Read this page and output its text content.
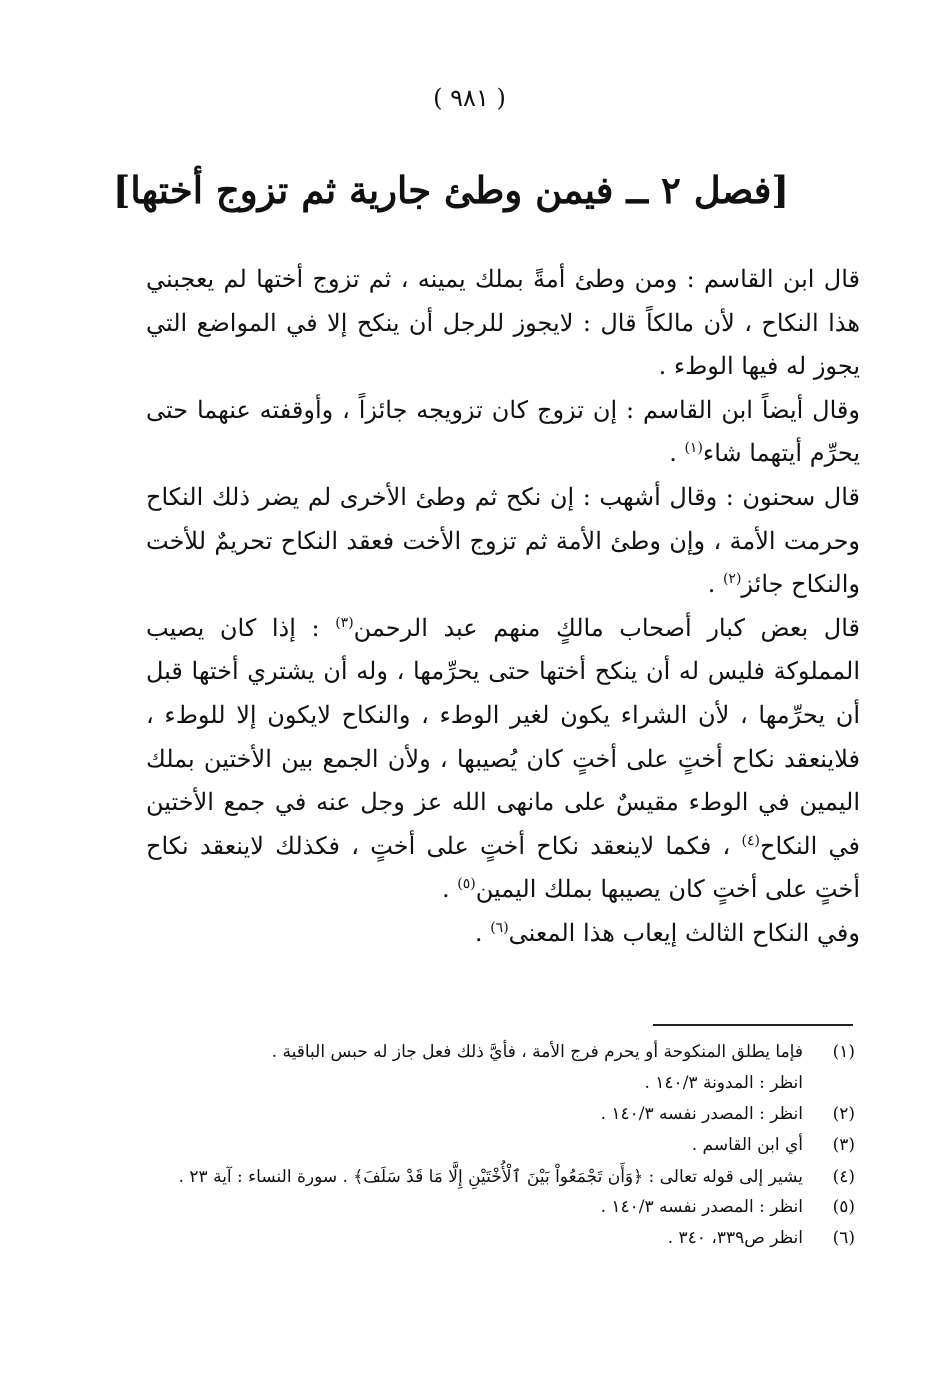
( ٩٨١ )
[فصل ٢ ــ فيمن وطئ جارية ثم تزوج أختها]

قال ابن القاسم : ومن وطئ أمةً بملك يمينه ، ثم تزوج أختها لم يعجبني هذا النكاح ، لأن مالكاً قال : لايجوز للرجل أن ينكح إلا في المواضع التي يجوز له فيها الوطء .

وقال أيضاً ابن القاسم : إن تزوج كان تزويجه جائزاً ، وأوقفته عنهما حتى يحرِّم أيتهما شاء$^{(١)}$ .

قال سحنون : وقال أشهب : إن نكح ثم وطئ الأخرى لم يضر ذلك النكاح وحرمت الأمة ، وإن وطئ الأمة ثم تزوج الأخت فعقد النكاح تحريمٌ للأخت والنكاح جائز$^{(٢)}$ .

قال بعض كبار أصحاب مالكٍ منهم عبد الرحمن$^{(٣)}$ : إذا كان يصيب المملوكة فليس له أن ينكح أختها حتى يحرِّمها ، وله أن يشتري أختها قبل أن يحرِّمها ، لأن الشراء يكون لغير الوطء ، والنكاح لايكون إلا للوطء ، فلاينعقد نكاح أختٍ على أختٍ كان يُصيبها ، ولأن الجمع بين الأختين بملك اليمين في الوطء مقيسٌ على مانهى الله عز وجل عنه في جمع الأختين في النكاح$^{(٤)}$ ، فكما لاينعقد نكاح أختٍ على أختٍ ، فكذلك لاينعقد نكاح أختٍ على أختٍ كان يصيبها بملك اليمين$^{(٥)}$ .

وفي النكاح الثالث إيعاب هذا المعنى$^{(٦)}$ .

(١)
فإما يطلق المنكوحة أو يحرم فرج الأمة ، فأيَّ ذلك فعل جاز له حبس الباقية .
انظر : المدونة ١٤٠/٣ .
(٢)
انظر : المصدر نفسه ١٤٠/٣ .
(٣)
أي ابن القاسم .
(٤)
يشير إلى قوله تعالى : ﴿وَأَن تَجْمَعُواْ بَيْنَ ٱلْأُخْتَيْنِ إِلَّا مَا قَدْ سَلَفَ﴾ . سورة النساء : آية ٢٣ .
(٥)
انظر : المصدر نفسه ١٤٠/٣ .
(٦)
انظر ص٣٣٩، ٣٤٠ .
